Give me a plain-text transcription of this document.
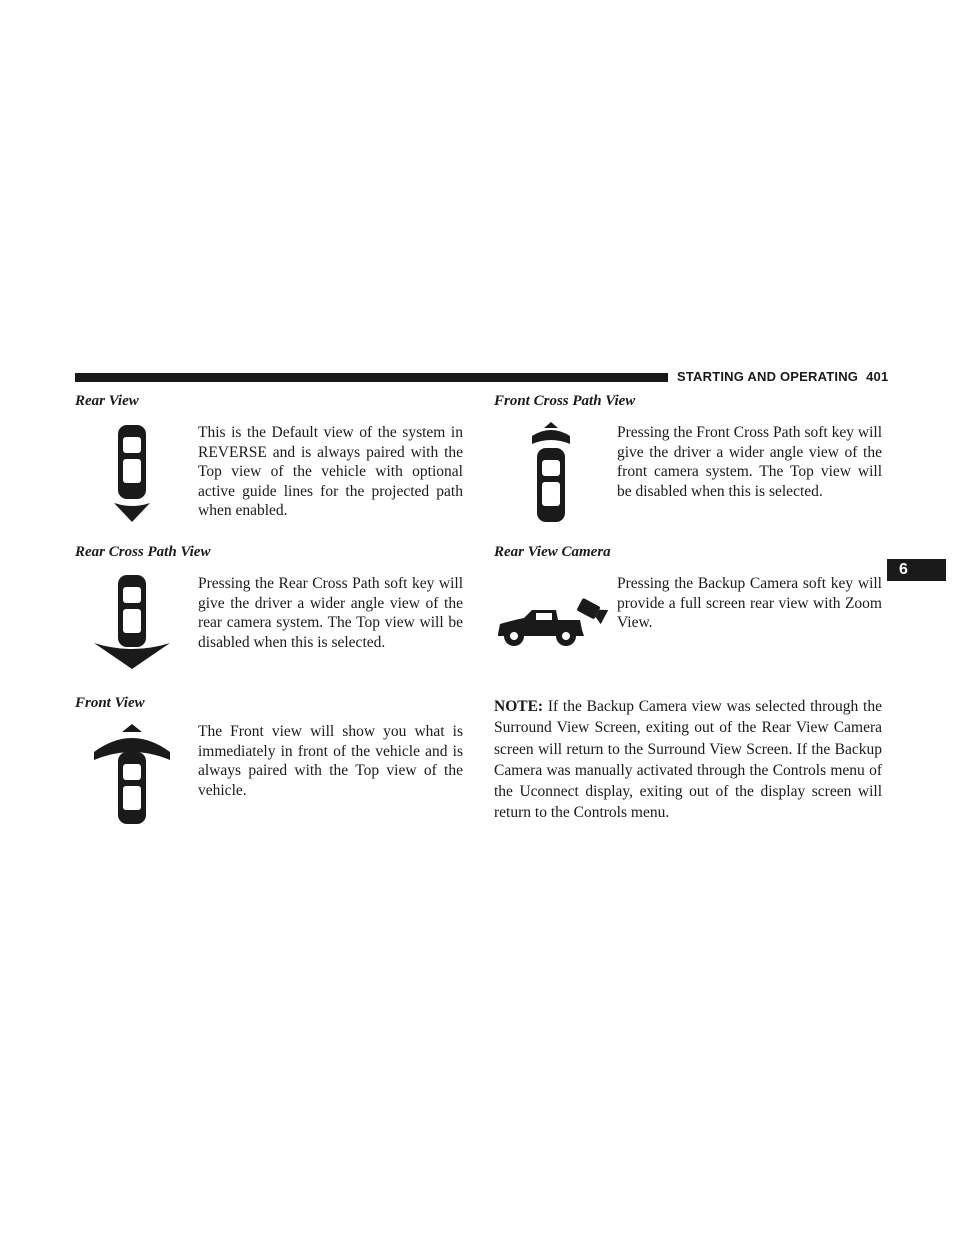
STARTING AND OPERATING 401
6
Rear View
This is the Default view of the system in REVERSE and is always paired with the Top view of the vehicle with optional active guide lines for the projected path when enabled.
Rear Cross Path View
Pressing the Rear Cross Path soft key will give the driver a wider angle view of the rear camera system. The Top view will be disabled when this is selected.
Front View
The Front view will show you what is immediately in front of the vehicle and is always paired with the Top view of the vehicle.
Front Cross Path View
Pressing the Front Cross Path soft key will give the driver a wider angle view of the front camera system. The Top view will be disabled when this is selected.
Rear View Camera
Pressing the Backup Camera soft key will provide a full screen rear view with Zoom View.
NOTE: If the Backup Camera view was selected through the Surround View Screen, exiting out of the Rear View Camera screen will return to the Surround View Screen. If the Backup Camera was manually activated through the Controls menu of the Uconnect display, exiting out of the display screen will return to the Controls menu.
